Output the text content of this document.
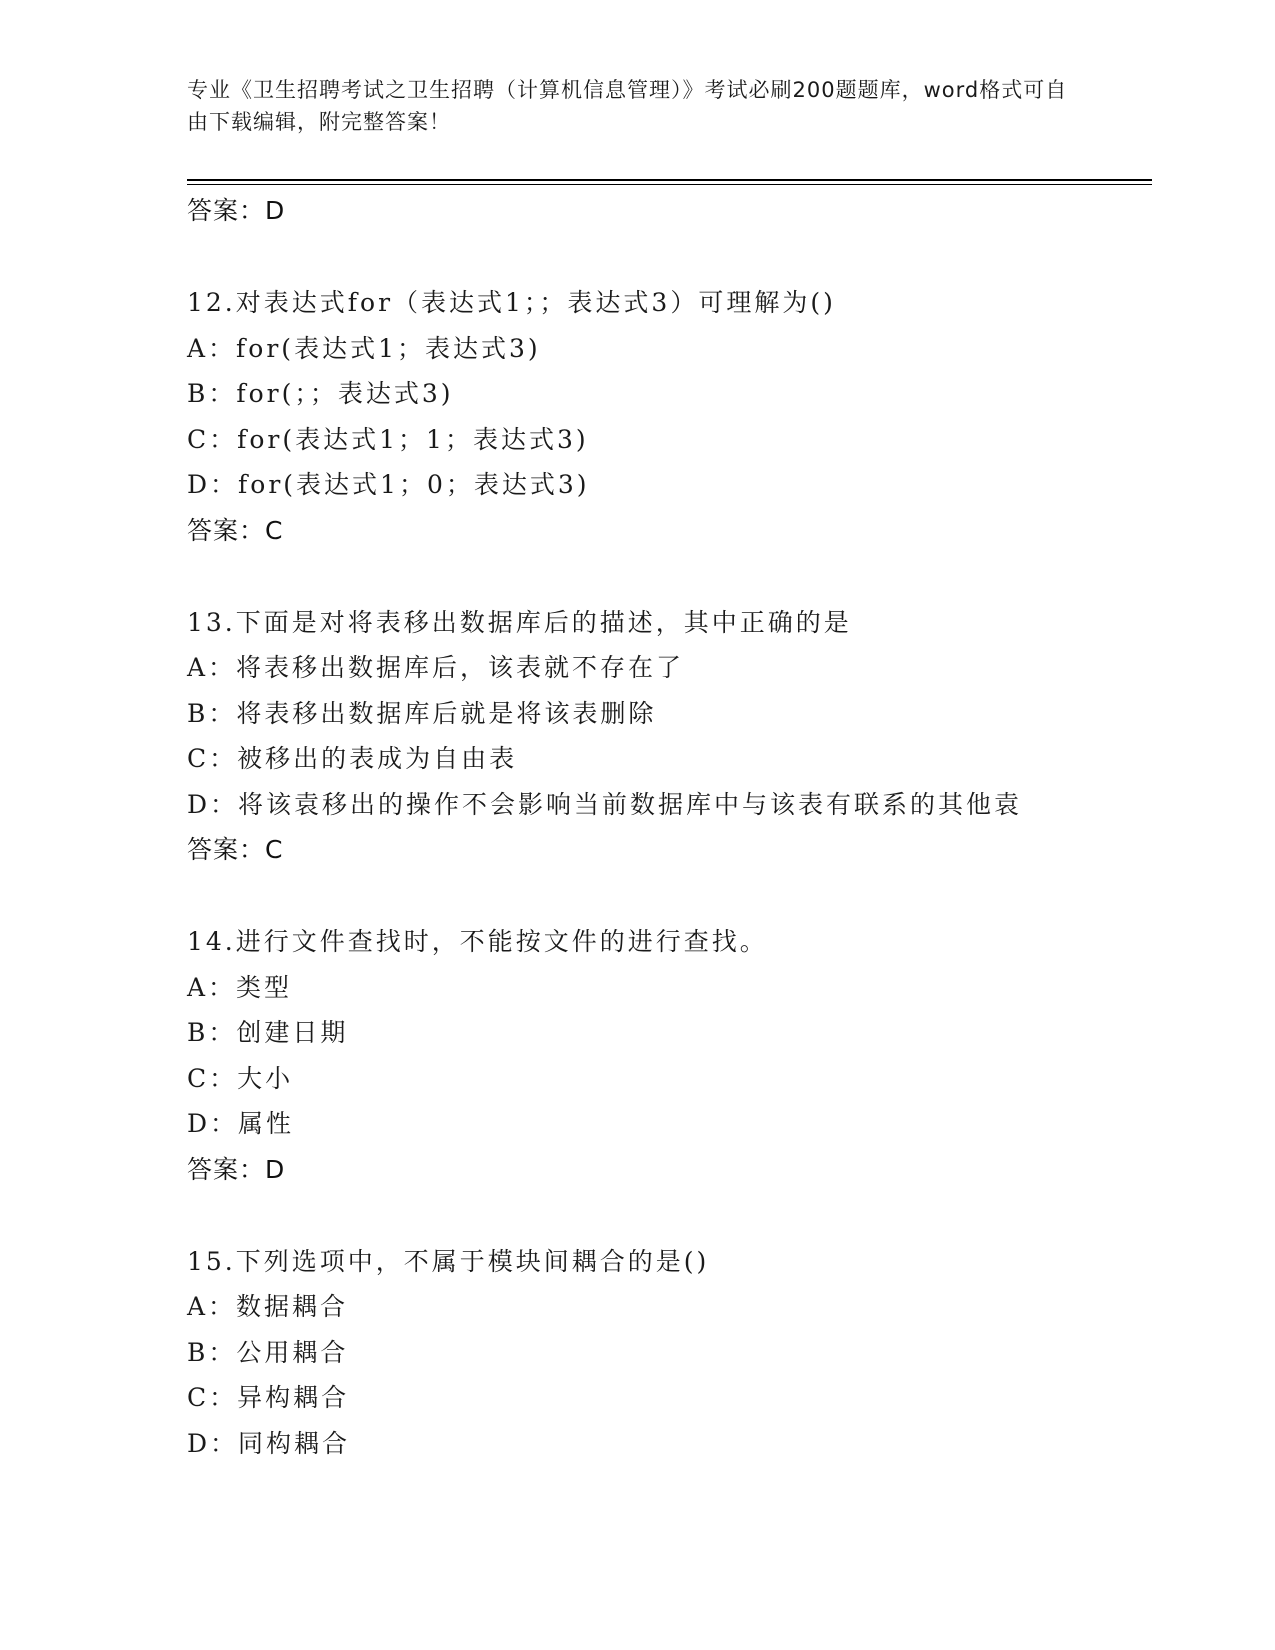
专业《卫生招聘考试之卫生招聘（计算机信息管理）》考试必刷200题题库，word格式可自由下载编辑，附完整答案！
答案：D
12.对表达式for（表达式1；；表达式3）可理解为()
A：for(表达式1；表达式3)
B：for(；；表达式3)
C：for(表达式1；1；表达式3)
D：for(表达式1；0；表达式3)
答案：C
13.下面是对将表移出数据库后的描述，其中正确的是
A：将表移出数据库后，该表就不存在了
B：将表移出数据库后就是将该表删除
C：被移出的表成为自由表
D：将该袁移出的操作不会影响当前数据库中与该表有联系的其他袁
答案：C
14.进行文件查找时，不能按文件的进行查找。
A：类型
B：创建日期
C：大小
D：属性
答案：D
15.下列选项中，不属于模块间耦合的是()
A：数据耦合
B：公用耦合
C：异构耦合
D：同构耦合
